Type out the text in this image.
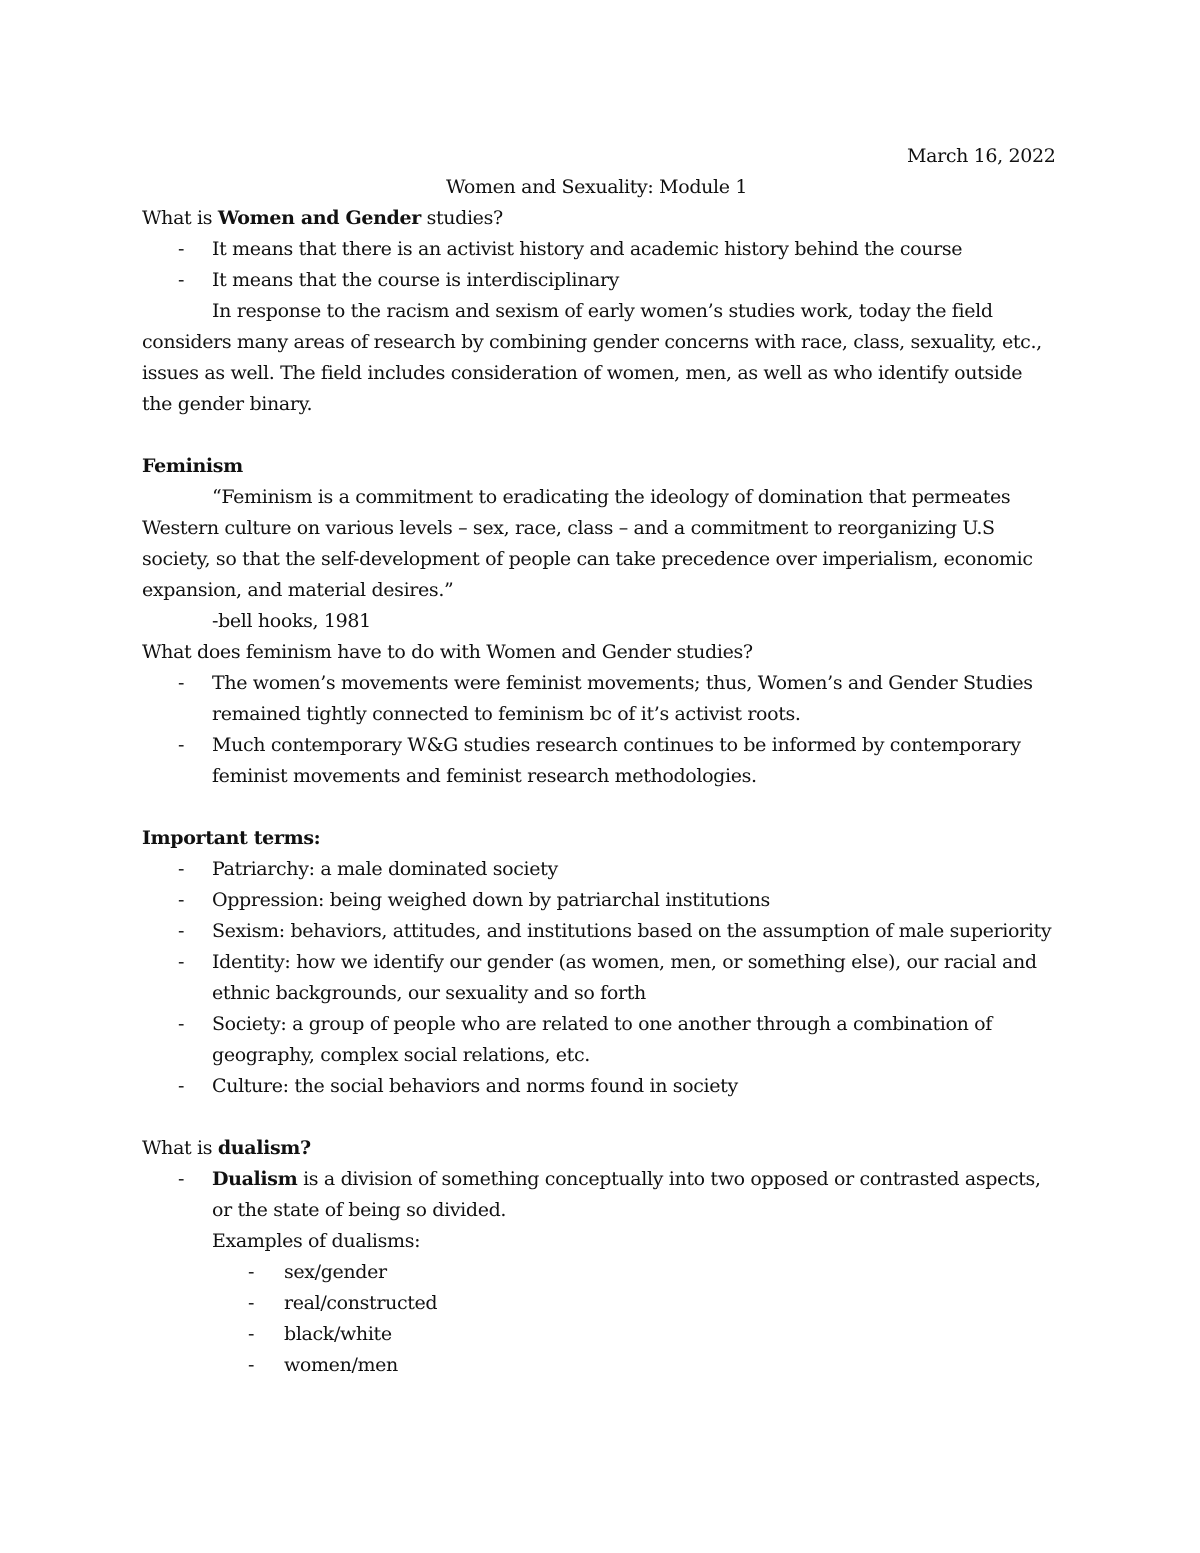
March 16, 2022
Women and Sexuality: Module 1
What is Women and Gender studies?
- It means that there is an activist history and academic history behind the course
- It means that the course is interdisciplinary
In response to the racism and sexism of early women’s studies work, today the field
considers many areas of research by combining gender concerns with race, class, sexuality, etc.,
issues as well. The field includes consideration of women, men, as well as who identify outside
the gender binary.
Feminism
“Feminism is a commitment to eradicating the ideology of domination that permeates
Western culture on various levels – sex, race, class – and a commitment to reorganizing U.S
society, so that the self-development of people can take precedence over imperialism, economic
expansion, and material desires.”
-bell hooks, 1981
What does feminism have to do with Women and Gender studies?
- The women’s movements were feminist movements; thus, Women’s and Gender Studies
remained tightly connected to feminism bc of it’s activist roots.
- Much contemporary W&G studies research continues to be informed by contemporary
feminist movements and feminist research methodologies.
Important terms:
- Patriarchy: a male dominated society
- Oppression: being weighed down by patriarchal institutions
- Sexism: behaviors, attitudes, and institutions based on the assumption of male superiority
- Identity: how we identify our gender (as women, men, or something else), our racial and
ethnic backgrounds, our sexuality and so forth
- Society: a group of people who are related to one another through a combination of
geography, complex social relations, etc.
- Culture: the social behaviors and norms found in society
What is dualism?
- Dualism is a division of something conceptually into two opposed or contrasted aspects,
or the state of being so divided.
Examples of dualisms:
- sex/gender
- real/constructed
- black/white
- women/men
